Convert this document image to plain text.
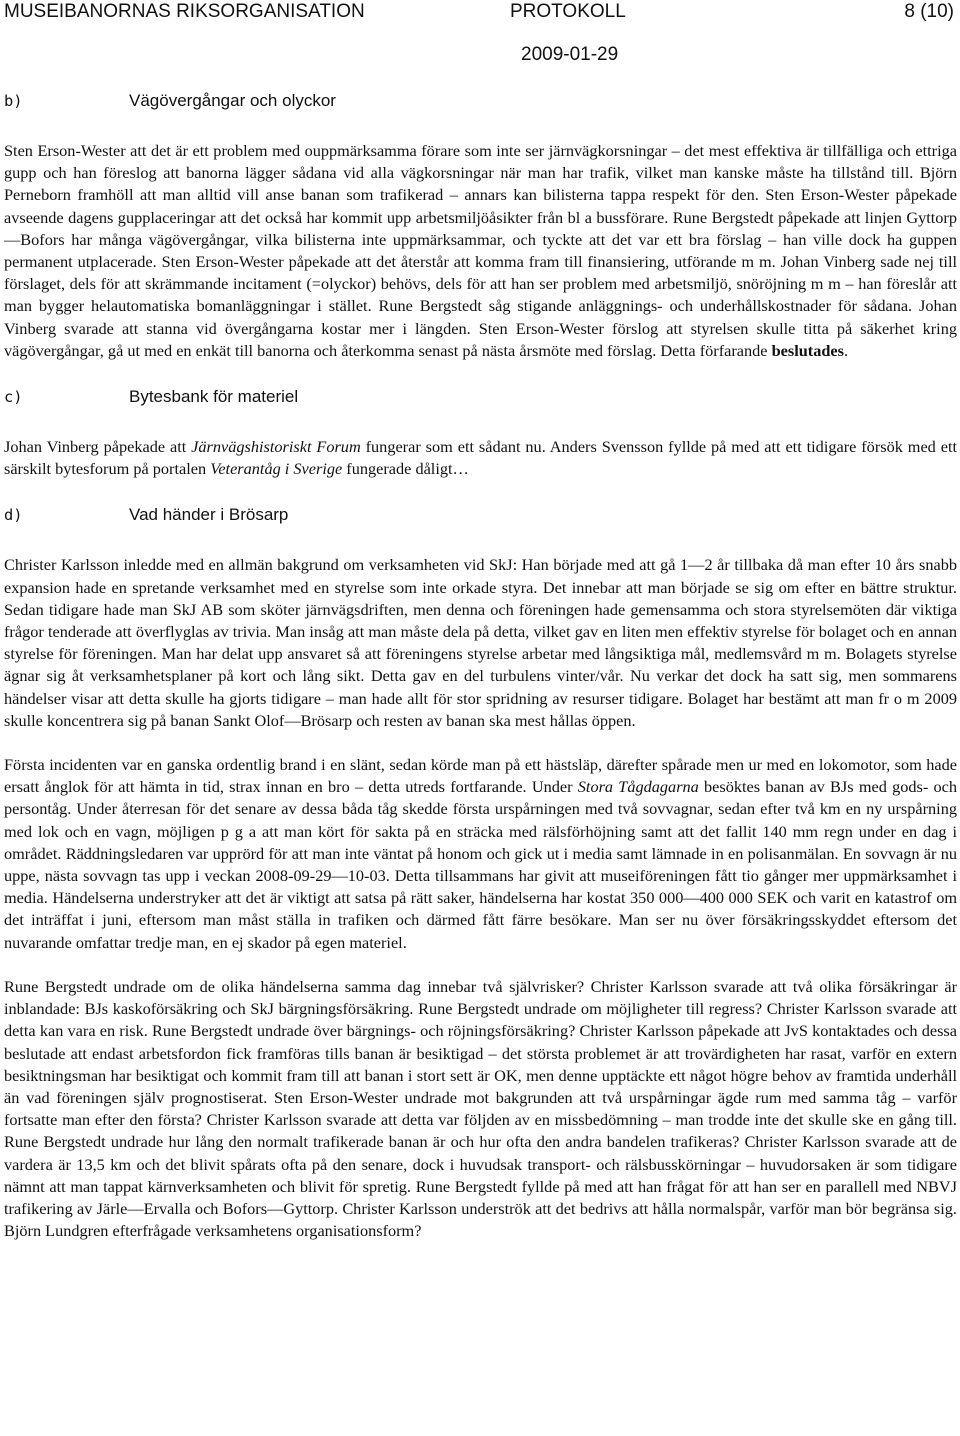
MUSEIBANORNAS RIKSORGANISATION	PROTOKOLL	8 (10)
2009-01-29
b)	Vägövergångar och olyckor

Sten Erson-Wester att det är ett problem med ouppmärksamma förare som inte ser järnvägkorsningar – det mest effektiva är tillfälliga och ettriga gupp och han föreslog att banorna lägger sådana vid alla vägkorsningar när man har trafik, vilket man kanske måste ha tillstånd till. Björn Perneborn framhöll att man alltid vill anse banan som trafikerad – annars kan bilisterna tappa respekt för den. Sten Erson-Wester påpekade avseende dagens gupplaceringar att det också har kommit upp arbetsmiljöåsikter från bl a bussförare. Rune Bergstedt påpekade att linjen Gyttorp—Bofors har många vägövergångar, vilka bilisterna inte uppmärksammar, och tyckte att det var ett bra förslag – han ville dock ha guppen permanent utplacerade. Sten Erson-Wester påpekade att det återstår att komma fram till finansiering, utförande m m. Johan Vinberg sade nej till förslaget, dels för att skrämmande incitament (=olyckor) behövs, dels för att han ser problem med arbetsmiljö, snöröjning m m – han föreslår att man bygger helautomatiska bomanläggningar i stället. Rune Bergstedt såg stigande anläggnings- och underhållskostnader för sådana. Johan Vinberg svarade att stanna vid övergångarna kostar mer i längden. Sten Erson-Wester förslog att styrelsen skulle titta på säkerhet kring vägövergångar, gå ut med en enkät till banorna och återkomma senast på nästa årsmöte med förslag. Detta förfarande beslutades.

c)	Bytesbank för materiel

Johan Vinberg påpekade att Järnvägshistoriskt Forum fungerar som ett sådant nu. Anders Svensson fyllde på med att ett tidigare försök med ett särskilt bytesforum på portalen Veterantåg i Sverige fungerade dåligt…

d)	Vad händer i Brösarp

Christer Karlsson inledde med en allmän bakgrund om verksamheten vid SkJ: Han började med att gå 1—2 år tillbaka då man efter 10 års snabb expansion hade en spretande verksamhet med en styrelse som inte orkade styra. Det innebar att man började se sig om efter en bättre struktur. Sedan tidigare hade man SkJ AB som sköter järnvägsdriften, men denna och föreningen hade gemensamma och stora styrelsemöten där viktiga frågor tenderade att överflyglas av trivia. Man insåg att man måste dela på detta, vilket gav en liten men effektiv styrelse för bolaget och en annan styrelse för föreningen. Man har delat upp ansvaret så att föreningens styrelse arbetar med långsiktiga mål, medlemsvård m m. Bolagets styrelse ägnar sig åt verksamhetsplaner på kort och lång sikt. Detta gav en del turbulens vinter/vår. Nu verkar det dock ha satt sig, men sommarens händelser visar att detta skulle ha gjorts tidigare – man hade allt för stor spridning av resurser tidigare. Bolaget har bestämt att man fr o m 2009 skulle koncentrera sig på banan Sankt Olof—Brösarp och resten av banan ska mest hållas öppen.

Första incidenten var en ganska ordentlig brand i en slänt, sedan körde man på ett hästsläp, därefter spårade men ur med en lokomotor, som hade ersatt ånglok för att hämta in tid, strax innan en bro – detta utreds fortfarande. Under Stora Tågdagarna besöktes banan av BJs med gods- och persontåg. Under återresan för det senare av dessa båda tåg skedde första urspårningen med två sovvagnar, sedan efter två km en ny urspårning med lok och en vagn, möjligen p g a att man kört för sakta på en sträcka med rälsförhöjning samt att det fallit 140 mm regn under en dag i området. Räddningsledaren var upprörd för att man inte väntat på honom och gick ut i media samt lämnade in en polisanmälan. En sovvagn är nu uppe, nästa sovvagn tas upp i veckan 2008-09-29—10-03. Detta tillsammans har givit att museiföreningen fått tio gånger mer uppmärksamhet i media. Händelserna understryker att det är viktigt att satsa på rätt saker, händelserna har kostat 350 000—400 000 SEK och varit en katastrof om det inträffat i juni, eftersom man måst ställa in trafiken och därmed fått färre besökare. Man ser nu över försäkringsskyddet eftersom det nuvarande omfattar tredje man, en ej skador på egen materiel.

Rune Bergstedt undrade om de olika händelserna samma dag innebar två självrisker? Christer Karlsson svarade att två olika försäkringar är inblandade: BJs kaskoförsäkring och SkJ bärgningsförsäkring. Rune Bergstedt undrade om möjligheter till regress? Christer Karlsson svarade att detta kan vara en risk. Rune Bergstedt undrade över bärgnings- och röjningsförsäkring? Christer Karlsson påpekade att JvS kontaktades och dessa beslutade att endast arbetsfordon fick framföras tills banan är besiktigad – det största problemet är att trovärdigheten har rasat, varför en extern besiktningsman har besiktigat och kommit fram till att banan i stort sett är OK, men denne upptäckte ett något högre behov av framtida underhåll än vad föreningen själv prognostiserat. Sten Erson-Wester undrade mot bakgrunden att två urspårningar ägde rum med samma tåg – varför fortsatte man efter den första? Christer Karlsson svarade att detta var följden av en missbedömning – man trodde inte det skulle ske en gång till. Rune Bergstedt undrade hur lång den normalt trafikerade banan är och hur ofta den andra bandelen trafikeras? Christer Karlsson svarade att de vardera är 13,5 km och det blivit spårats ofta på den senare, dock i huvudsak transport- och rälsbusskörningar – huvudorsaken är som tidigare nämnt att man tappat kärnverksamheten och blivit för spretig. Rune Bergstedt fyllde på med att han frågat för att han ser en parallell med NBVJ trafikering av Järle—Ervalla och Bofors—Gyttorp. Christer Karlsson underströk att det bedrivs att hålla normalspår, varför man bör begränsa sig. Björn Lundgren efterfrågade verksamhetens organisationsform?
